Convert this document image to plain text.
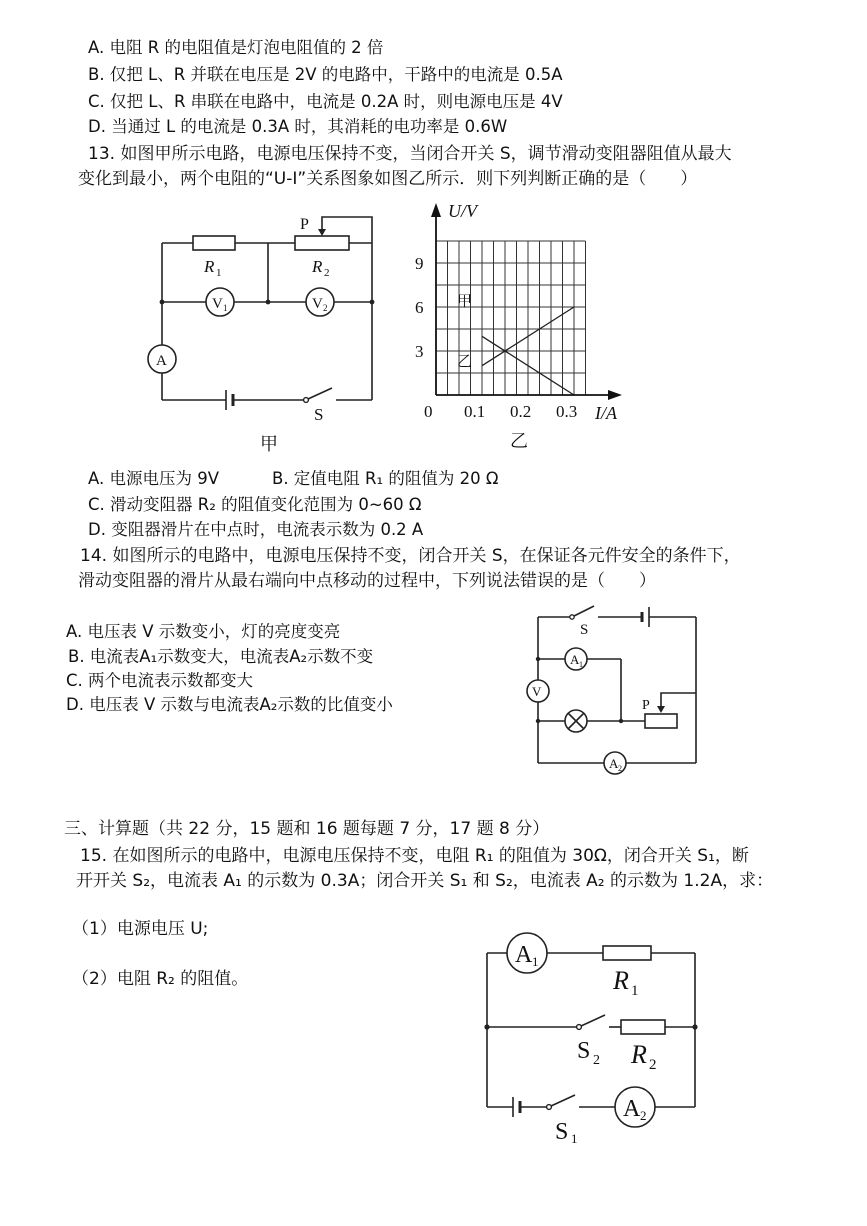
A. 电阻 R 的电阻值是灯泡电阻值的 2 倍
B. 仅把 L、R 并联在电压是 2V 的电路中，干路中的电流是 0.5A
C. 仅把 L、R 串联在电路中，电流是 0.2A 时，则电源电压是 4V
D. 当通过 L 的电流是 0.3A 时，其消耗的电功率是 0.6W
13. 如图甲所示电路，电源电压保持不变，当闭合开关 S，调节滑动变阻器阻值从最大
变化到最小，两个电阻的“U-I”关系图象如图乙所示．则下列判断正确的是（　　）
P
R 1	R 2
V 1	V 2
A
S
甲
U/V
I/A
0 0.1 0.2 0.3
9
6
3
甲
乙
乙
A. 电源电压为 9V	B. 定值电阻 R₁ 的阻值为 20 Ω
C. 滑动变阻器 R₂ 的阻值变化范围为 0~60 Ω
D. 变阻器滑片在中点时，电流表示数为 0.2 A
14. 如图所示的电路中，电源电压保持不变，闭合开关 S，在保证各元件安全的条件下，
滑动变阻器的滑片从最右端向中点移动的过程中，下列说法错误的是（　　）
A. 电压表 V 示数变小，灯的亮度变亮
B. 电流表A₁示数变大，电流表A₂示数不变
C. 两个电流表示数都变大
D. 电压表 V 示数与电流表A₂示数的比值变小
S
A 1
V
P
A 2
三、计算题（共 22 分，15 题和 16 题每题 7 分，17 题 8 分）
15. 在如图所示的电路中，电源电压保持不变，电阻 R₁ 的阻值为 30Ω，闭合开关 S₁，断
开开关 S₂，电流表 A₁ 的示数为 0.3A；闭合开关 S₁ 和 S₂，电流表 A₂ 的示数为 1.2A，求：
（1）电源电压 U;
（2）电阻 R₂ 的阻值。
A 1
R 1
S 2 R 2
A 2
S 1
